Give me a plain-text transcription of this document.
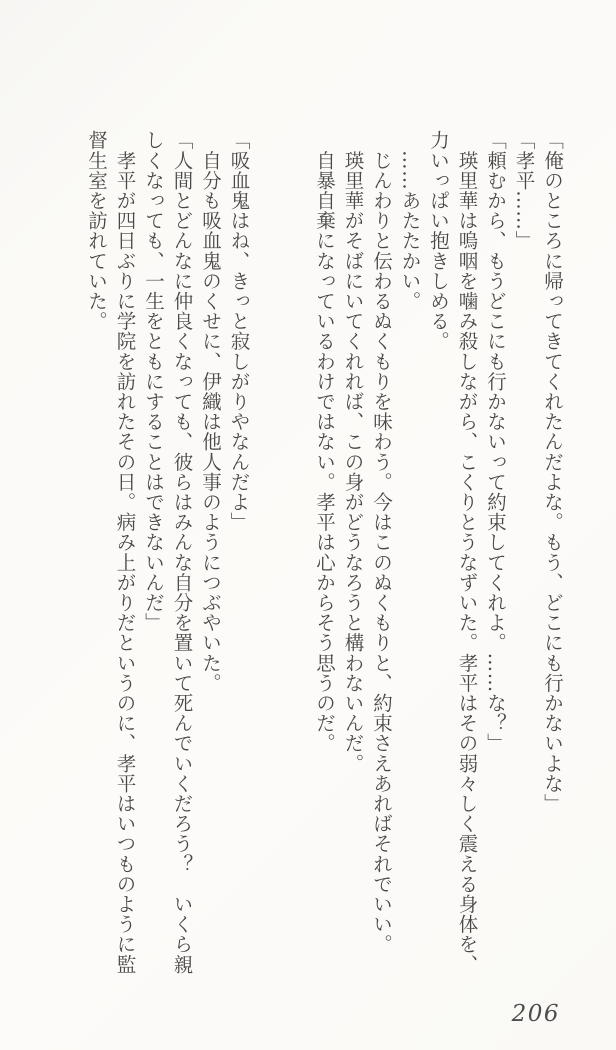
「俺のところに帰ってきてくれたんだよな。もう、どこにも行かないよな」

「孝平……」

「頼むから、もうどこにも行かないって約束してくれよ。……な？」

　瑛里華は嗚咽を噛み殺しながら、こくりとうなずいた。孝平はその弱々しく震える身体を、力いっぱい抱きしめる。

　……あたたかい。

　じんわりと伝わるぬくもりを味わう。今はこのぬくもりと、約束さえあればそれでいい。

　瑛里華がそばにいてくれれば、この身がどうなろうと構わないんだ。

　自暴自棄になっているわけではない。孝平は心からそう思うのだ。

「吸血鬼はね、きっと寂しがりやなんだよ」

　自分も吸血鬼のくせに、伊織は他人事のようにつぶやいた。

「人間とどんなに仲良くなっても、彼らはみんな自分を置いて死んでいくだろう？　いくら親しくなっても、一生をともにすることはできないんだ」

　孝平が四日ぶりに学院を訪れたその日。病み上がりだというのに、孝平はいつものように監督生室を訪れていた。

206
